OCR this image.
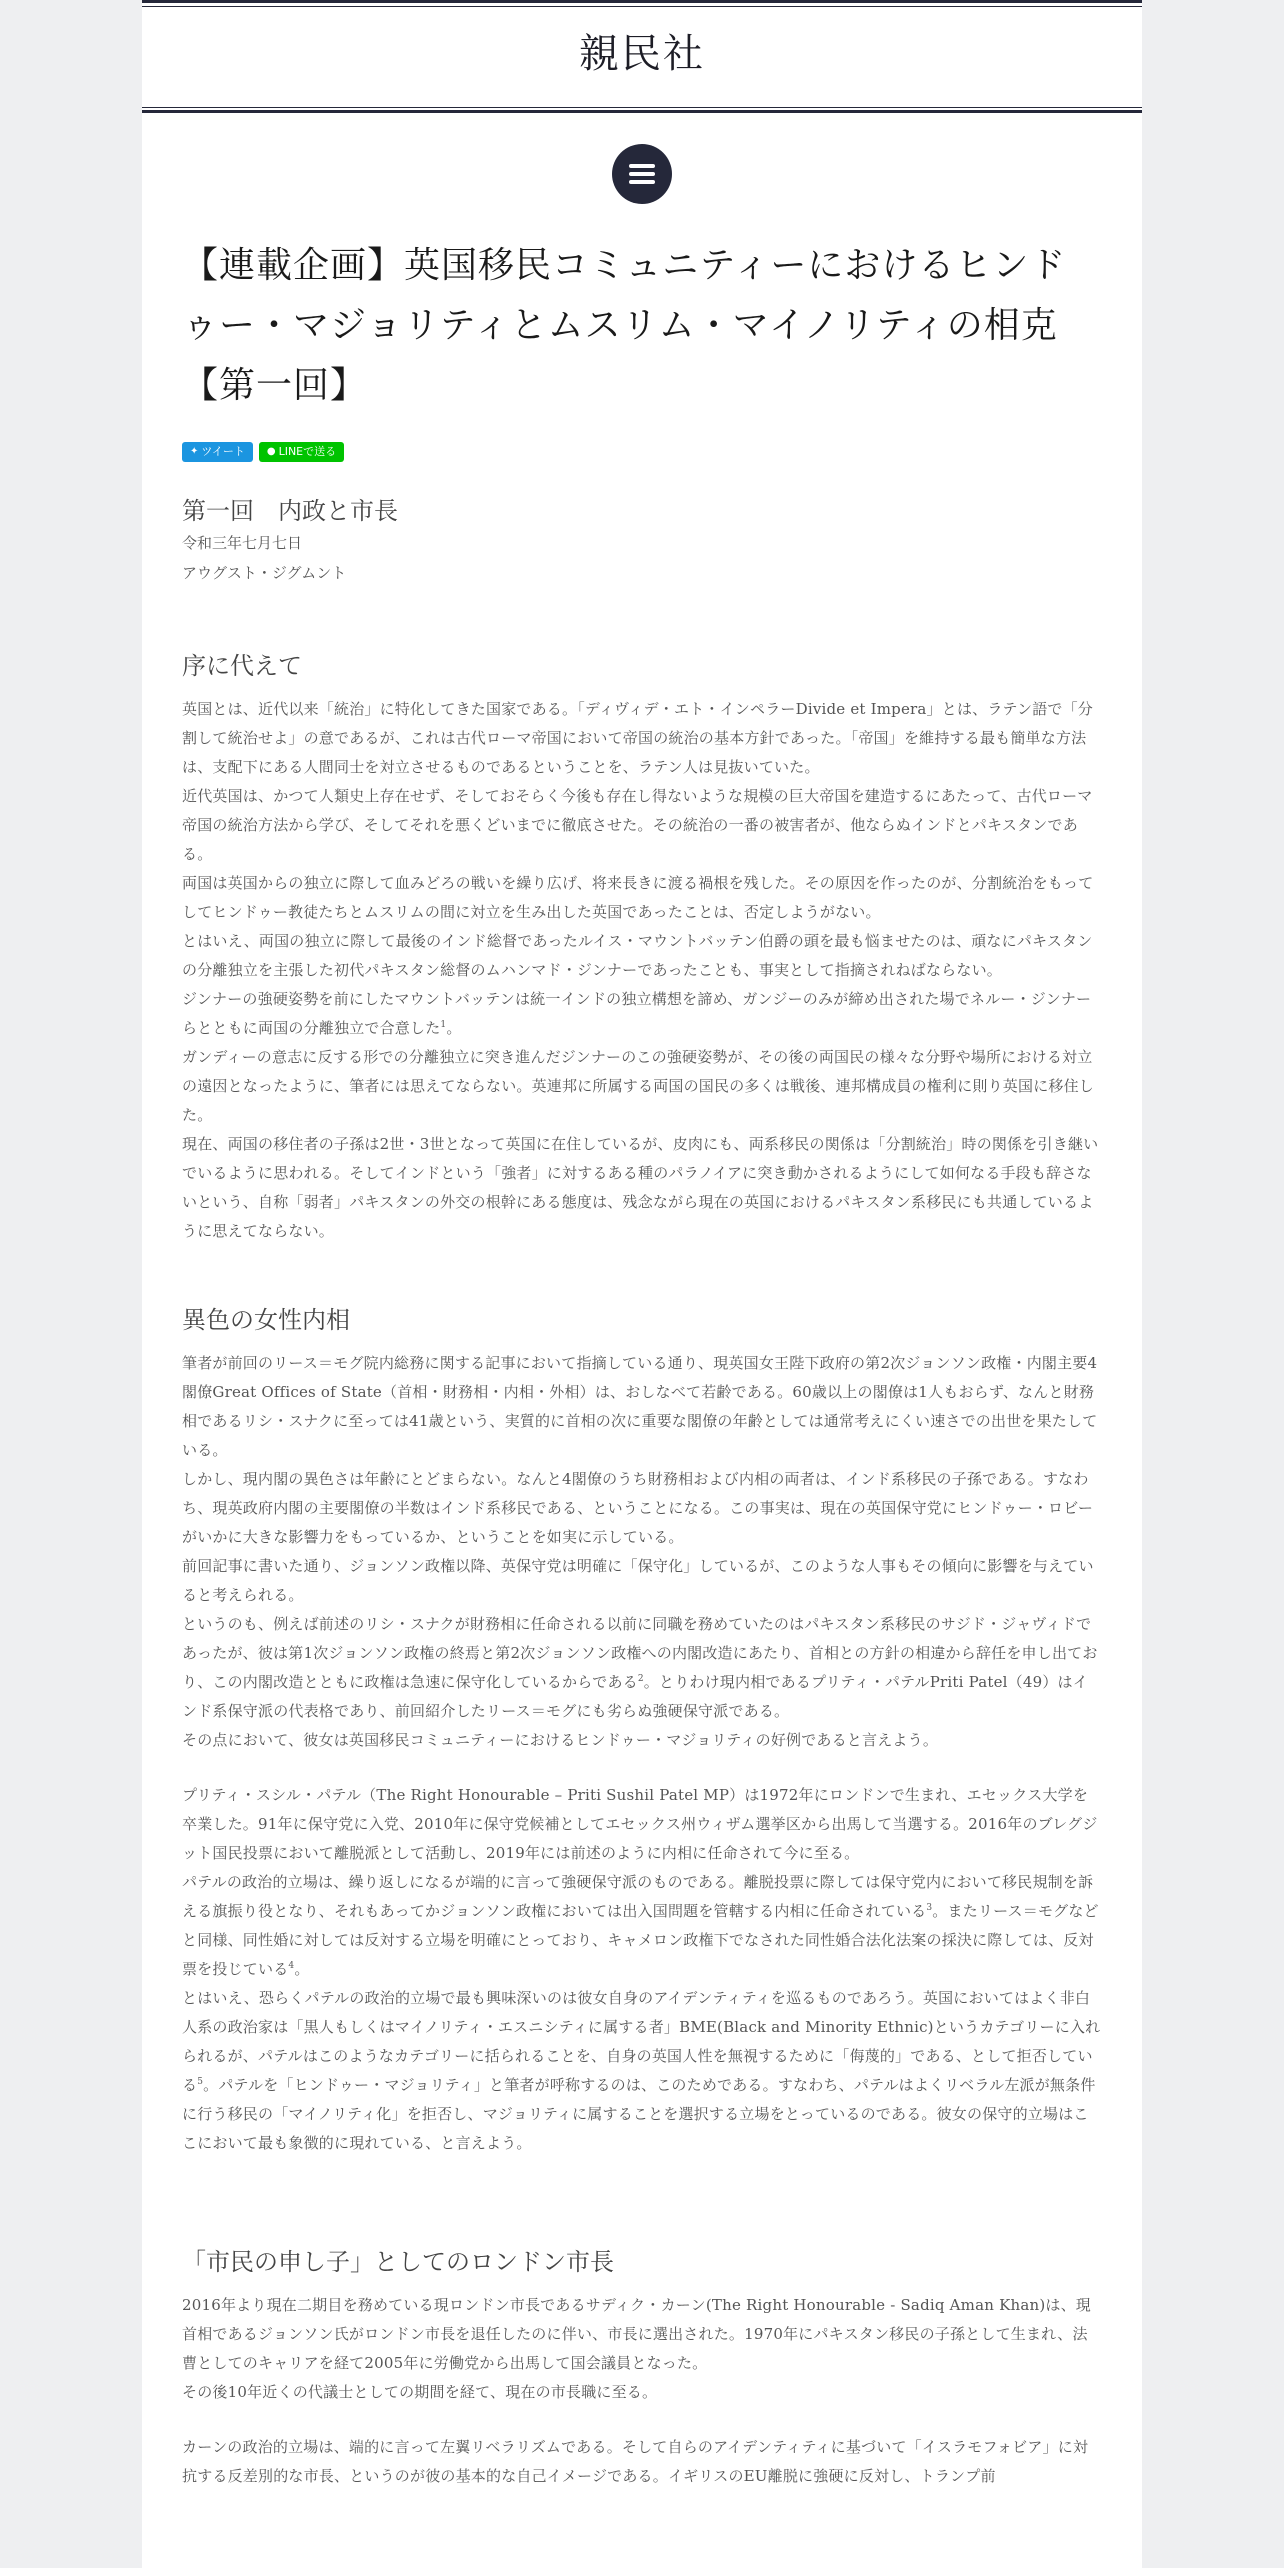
親民社
【連載企画】英国移民コミュニティーにおけるヒンドゥー・マジョリティとムスリム・マイノリティの相克【第一回】
✦ ツイート ● LINEで送る
第一回　内政と市長
令和三年七月七日
アウグスト・ジグムント
序に代えて

英国とは、近代以来「統治」に特化してきた国家である。「ディヴィデ・エト・インペラーDivide et Impera」とは、ラテン語で「分割して統治せよ」の意であるが、これは古代ローマ帝国において帝国の統治の基本方針であった。「帝国」を維持する最も簡単な方法は、支配下にある人間同士を対立させるものであるということを、ラテン人は見抜いていた。

近代英国は、かつて人類史上存在せず、そしておそらく今後も存在し得ないような規模の巨大帝国を建造するにあたって、古代ローマ帝国の統治方法から学び、そしてそれを悪くどいまでに徹底させた。その統治の一番の被害者が、他ならぬインドとパキスタンである。

両国は英国からの独立に際して血みどろの戦いを繰り広げ、将来長きに渡る禍根を残した。その原因を作ったのが、分割統治をもってしてヒンドゥー教徒たちとムスリムの間に対立を生み出した英国であったことは、否定しようがない。

とはいえ、両国の独立に際して最後のインド総督であったルイス・マウントバッテン伯爵の頭を最も悩ませたのは、頑なにパキスタンの分離独立を主張した初代パキスタン総督のムハンマド・ジンナーであったことも、事実として指摘されねばならない。

ジンナーの強硬姿勢を前にしたマウントバッテンは統一インドの独立構想を諦め、ガンジーのみが締め出された場でネルー・ジンナーらとともに両国の分離独立で合意した$^1$。

ガンディーの意志に反する形での分離独立に突き進んだジンナーのこの強硬姿勢が、その後の両国民の様々な分野や場所における対立の遠因となったように、筆者には思えてならない。英連邦に所属する両国の国民の多くは戦後、連邦構成員の権利に則り英国に移住した。

現在、両国の移住者の子孫は2世・3世となって英国に在住しているが、皮肉にも、両系移民の関係は「分割統治」時の関係を引き継いでいるように思われる。そしてインドという「強者」に対するある種のパラノイアに突き動かされるようにして如何なる手段も辞さないという、自称「弱者」パキスタンの外交の根幹にある態度は、残念ながら現在の英国におけるパキスタン系移民にも共通しているように思えてならない。

異色の女性内相

筆者が前回のリース＝モグ院内総務に関する記事において指摘している通り、現英国女王陛下政府の第2次ジョンソン政権・内閣主要4閣僚Great Offices of State（首相・財務相・内相・外相）は、おしなべて若齢である。60歳以上の閣僚は1人もおらず、なんと財務相であるリシ・スナクに至っては41歳という、実質的に首相の次に重要な閣僚の年齢としては通常考えにくい速さでの出世を果たしている。

しかし、現内閣の異色さは年齢にとどまらない。なんと4閣僚のうち財務相および内相の両者は、インド系移民の子孫である。すなわち、現英政府内閣の主要閣僚の半数はインド系移民である、ということになる。この事実は、現在の英国保守党にヒンドゥー・ロビーがいかに大きな影響力をもっているか、ということを如実に示している。

前回記事に書いた通り、ジョンソン政権以降、英保守党は明確に「保守化」しているが、このような人事もその傾向に影響を与えていると考えられる。

というのも、例えば前述のリシ・スナクが財務相に任命される以前に同職を務めていたのはパキスタン系移民のサジド・ジャヴィドであったが、彼は第1次ジョンソン政権の終焉と第2次ジョンソン政権への内閣改造にあたり、首相との方針の相違から辞任を申し出ており、この内閣改造とともに政権は急速に保守化しているからである$^2$。とりわけ現内相であるプリティ・パテルPriti Patel（49）はインド系保守派の代表格であり、前回紹介したリース＝モグにも劣らぬ強硬保守派である。

その点において、彼女は英国移民コミュニティーにおけるヒンドゥー・マジョリティの好例であると言えよう。

プリティ・スシル・パテル（The Right Honourable – Priti Sushil Patel MP）は1972年にロンドンで生まれ、エセックス大学を卒業した。91年に保守党に入党、2010年に保守党候補としてエセックス州ウィザム選挙区から出馬して当選する。2016年のブレグジット国民投票において離脱派として活動し、2019年には前述のように内相に任命されて今に至る。

パテルの政治的立場は、繰り返しになるが端的に言って強硬保守派のものである。離脱投票に際しては保守党内において移民規制を訴える旗振り役となり、それもあってかジョンソン政権においては出入国問題を管轄する内相に任命されている$^3$。またリース＝モグなどと同様、同性婚に対しては反対する立場を明確にとっており、キャメロン政権下でなされた同性婚合法化法案の採決に際しては、反対票を投じている$^4$。

とはいえ、恐らくパテルの政治的立場で最も興味深いのは彼女自身のアイデンティティを巡るものであろう。英国においてはよく非白人系の政治家は「黒人もしくはマイノリティ・エスニシティに属する者」BME(Black and Minority Ethnic)というカテゴリーに入れられるが、パテルはこのようなカテゴリーに括られることを、自身の英国人性を無視するために「侮蔑的」である、として拒否している$^5$。パテルを「ヒンドゥー・マジョリティ」と筆者が呼称するのは、このためである。すなわち、パテルはよくリベラル左派が無条件に行う移民の「マイノリティ化」を拒否し、マジョリティに属することを選択する立場をとっているのである。彼女の保守的立場はここにおいて最も象徴的に現れている、と言えよう。

「市民の申し子」としてのロンドン市長

2016年より現在二期目を務めている現ロンドン市長であるサディク・カーン(The Right Honourable - Sadiq Aman Khan)は、現首相であるジョンソン氏がロンドン市長を退任したのに伴い、市長に選出された。1970年にパキスタン移民の子孫として生まれ、法曹としてのキャリアを経て2005年に労働党から出馬して国会議員となった。

その後10年近くの代議士としての期間を経て、現在の市長職に至る。

カーンの政治的立場は、端的に言って左翼リベラリズムである。そして自らのアイデンティティに基づいて「イスラモフォビア」に対抗する反差別的な市長、というのが彼の基本的な自己イメージである。イギリスのEU離脱に強硬に反対し、トランプ前
